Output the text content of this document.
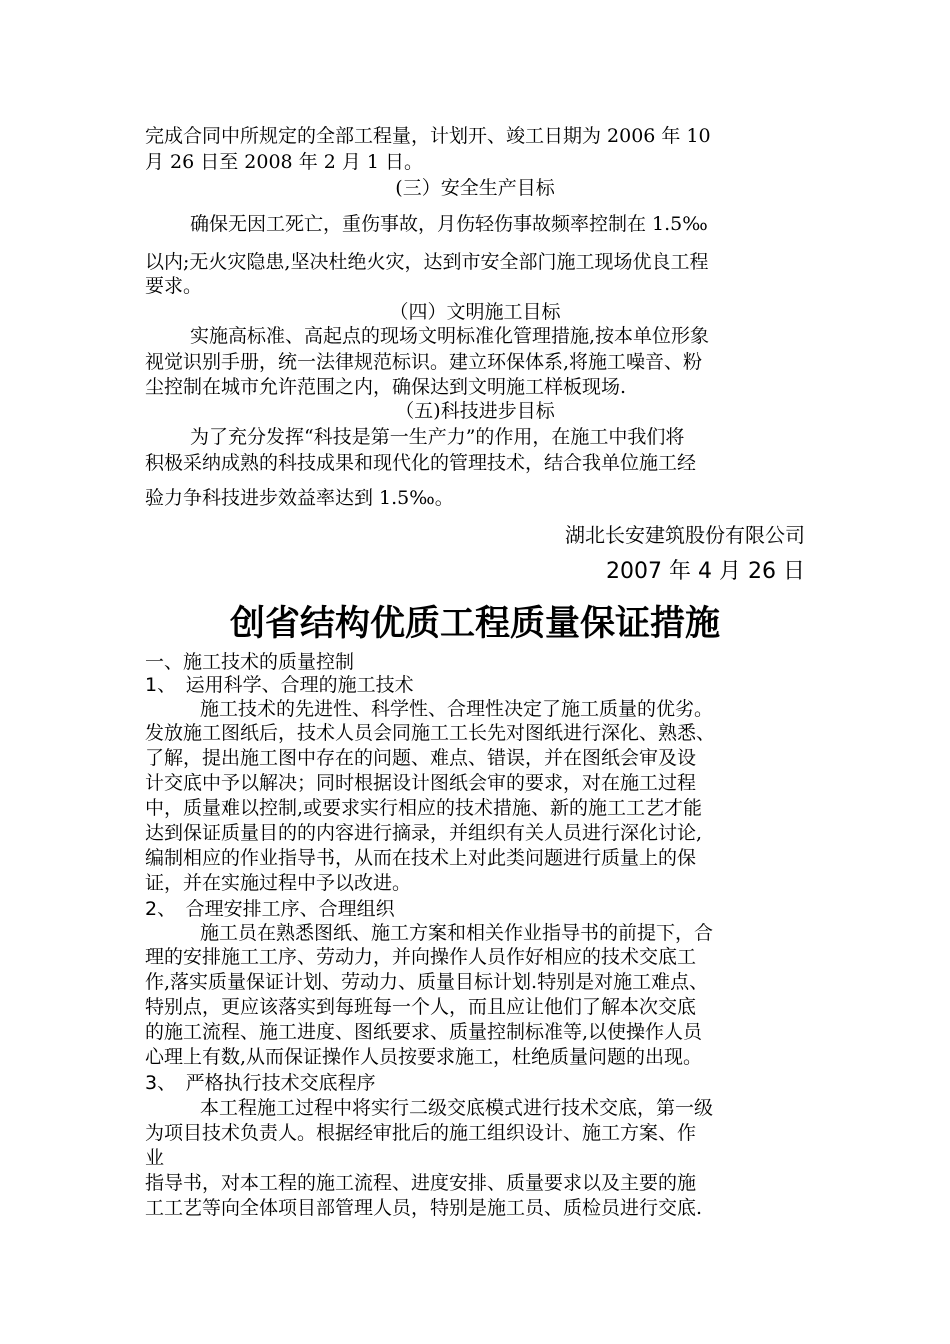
完成合同中所规定的全部工程量，计划开、竣工日期为 2006 年 10
月 26 日至 2008 年 2 月 1 日。
(三）安全生产目标
确保无因工死亡，重伤事故，月伤轻伤事故频率控制在 1.5‰
以内;无火灾隐患,坚决杜绝火灾，达到市安全部门施工现场优良工程
要求。
（四）文明施工目标
实施高标准、高起点的现场文明标准化管理措施,按本单位形象
视觉识别手册，统一法律规范标识。建立环保体系,将施工噪音、粉
尘控制在城市允许范围之内，确保达到文明施工样板现场.
（五)科技进步目标
为了充分发挥“科技是第一生产力”的作用，在施工中我们将
积极采纳成熟的科技成果和现代化的管理技术，结合我单位施工经
验力争科技进步效益率达到 1.5‰。
湖北长安建筑股份有限公司
2007 年 4 月 26 日
创省结构优质工程质量保证措施
一、施工技术的质量控制
1、　运用科学、合理的施工技术
施工技术的先进性、科学性、合理性决定了施工质量的优劣。
发放施工图纸后，技术人员会同施工工长先对图纸进行深化、熟悉、
了解，提出施工图中存在的问题、难点、错误，并在图纸会审及设
计交底中予以解决；同时根据设计图纸会审的要求，对在施工过程
中，质量难以控制,或要求实行相应的技术措施、新的施工工艺才能
达到保证质量目的的内容进行摘录，并组织有关人员进行深化讨论,
编制相应的作业指导书，从而在技术上对此类问题进行质量上的保
证，并在实施过程中予以改进。
2、　合理安排工序、合理组织
施工员在熟悉图纸、施工方案和相关作业指导书的前提下，合
理的安排施工工序、劳动力，并向操作人员作好相应的技术交底工
作,落实质量保证计划、劳动力、质量目标计划.特别是对施工难点、
特别点，更应该落实到每班每一个人，而且应让他们了解本次交底
的施工流程、施工进度、图纸要求、质量控制标准等,以使操作人员
心理上有数,从而保证操作人员按要求施工，杜绝质量问题的出现。
3、　严格执行技术交底程序
本工程施工过程中将实行二级交底模式进行技术交底，第一级
为项目技术负责人。根据经审批后的施工组织设计、施工方案、作
业
指导书，对本工程的施工流程、进度安排、质量要求以及主要的施
工工艺等向全体项目部管理人员，特别是施工员、质检员进行交底.
